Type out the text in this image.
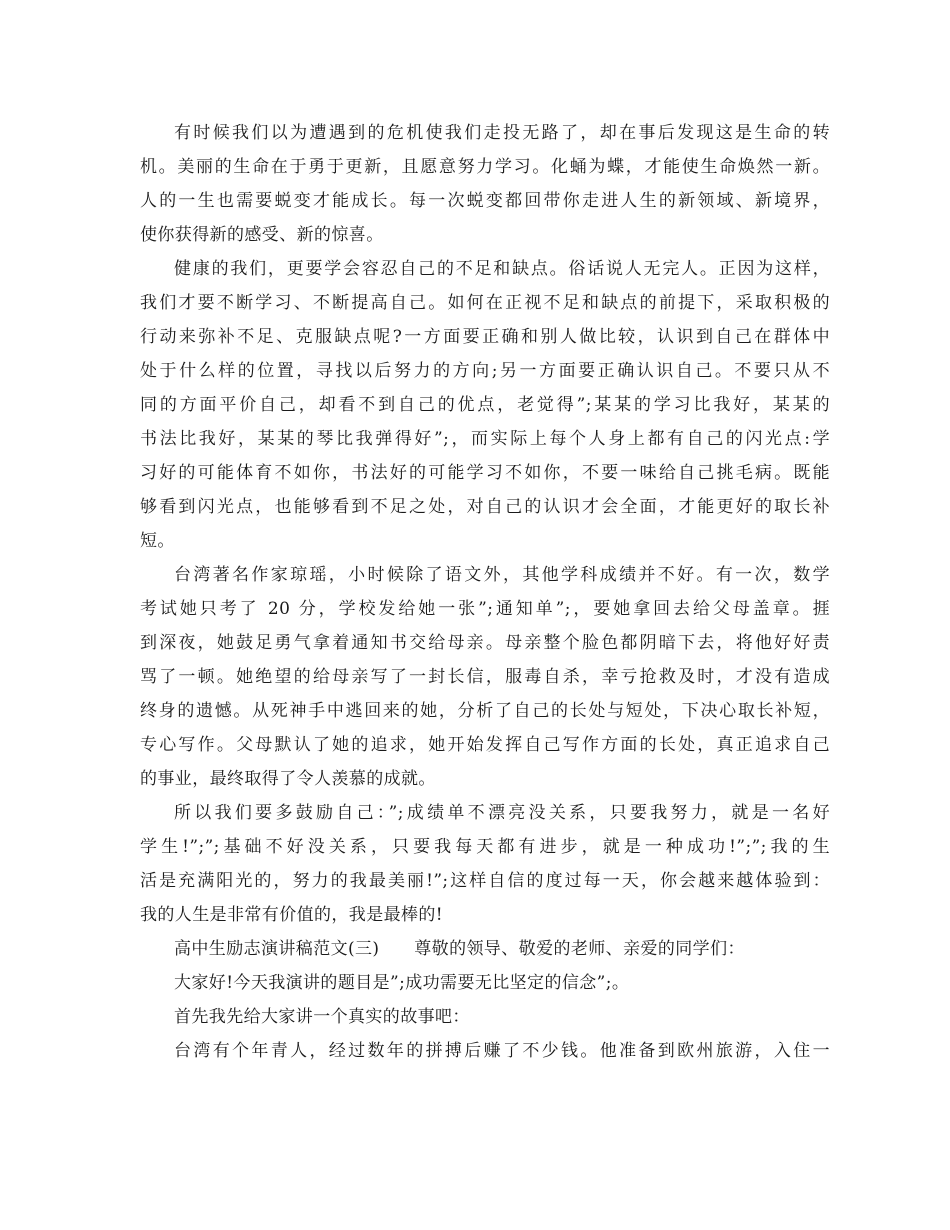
有时候我们以为遭遇到的危机使我们走投无路了，却在事后发现这是生命的转

机。美丽的生命在于勇于更新，且愿意努力学习。化蛹为蝶，才能使生命焕然一新。

人的一生也需要蜕变才能成长。每一次蜕变都回带你走进人生的新领域、新境界，

使你获得新的感受、新的惊喜。

健康的我们，更要学会容忍自己的不足和缺点。俗话说人无完人。正因为这样，

我们才要不断学习、不断提高自己。如何在正视不足和缺点的前提下，采取积极的

行动来弥补不足、克服缺点呢?一方面要正确和别人做比较，认识到自己在群体中

处于什么样的位置，寻找以后努力的方向;另一方面要正确认识自己。不要只从不

同的方面平价自己，却看不到自己的优点，老觉得”;某某的学习比我好，某某的

书法比我好，某某的琴比我弹得好”;，而实际上每个人身上都有自己的闪光点:学

习好的可能体育不如你，书法好的可能学习不如你，不要一味给自己挑毛病。既能

够看到闪光点，也能够看到不足之处，对自己的认识才会全面，才能更好的取长补

短。

台湾著名作家琼瑶，小时候除了语文外，其他学科成绩并不好。有一次，数学

考试她只考了 20 分，学校发给她一张”;通知单”;，要她拿回去给父母盖章。捱

到深夜，她鼓足勇气拿着通知书交给母亲。母亲整个脸色都阴暗下去，将他好好责

骂了一顿。她绝望的给母亲写了一封长信，服毒自杀，幸亏抢救及时，才没有造成

终身的遗憾。从死神手中逃回来的她，分析了自己的长处与短处，下决心取长补短，

专心写作。父母默认了她的追求，她开始发挥自己写作方面的长处，真正追求自己

的事业，最终取得了令人羡慕的成就。

所以我们要多鼓励自己：”;成绩单不漂亮没关系，只要我努力，就是一名好

学生!”;”;基础不好没关系，只要我每天都有进步，就是一种成功!”;”;我的生

活是充满阳光的，努力的我最美丽!”;这样自信的度过每一天，你会越来越体验到：

我的人生是非常有价值的，我是最棒的!

高中生励志演讲稿范文(三)　　尊敬的领导、敬爱的老师、亲爱的同学们：

大家好!今天我演讲的题目是”;成功需要无比坚定的信念”;。

首先我先给大家讲一个真实的故事吧：

台湾有个年青人，经过数年的拼搏后赚了不少钱。他准备到欧州旅游，入住一
